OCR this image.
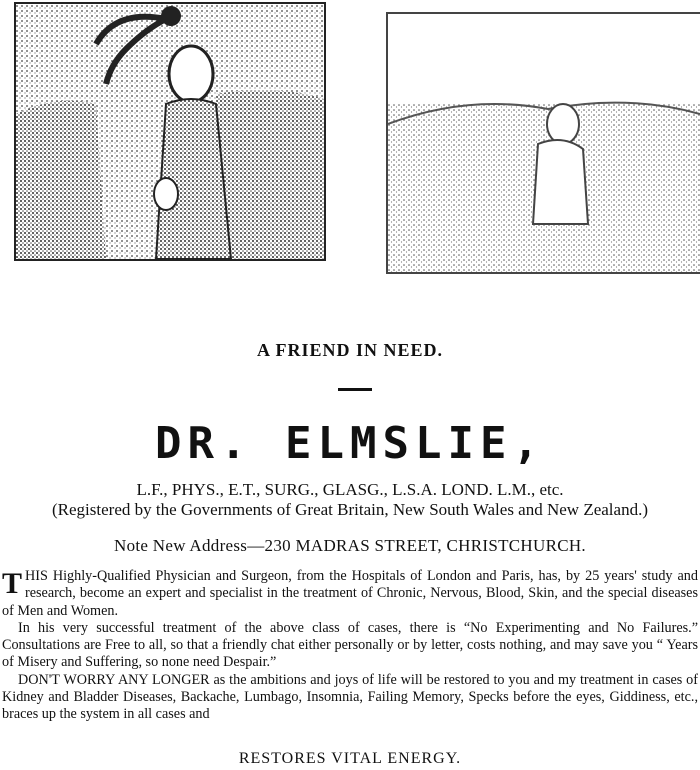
A FRIEND IN NEED.
DR. ELMSLIE,
L.F., PHYS., E.T., SURG., GLASG., L.S.A. LOND. L.M., etc.
(Registered by the Governments of Great Britain, New South Wales and New Zealand.)
Note New Address—230 MADRAS STREET, CHRISTCHURCH.

THIS Highly-Qualified Physician and Surgeon, from the Hospitals of London and Paris, has, by 25 years' study and research, become an expert and specialist in the treatment of Chronic, Nervous, Blood, Skin, and the special diseases of Men and Women.

In his very successful treatment of the above class of cases, there is “No Experimenting and No Failures.” Consultations are Free to all, so that a friendly chat either personally or by letter, costs nothing, and may save you “ Years of Misery and Suffering, so none need Despair.”

DON'T WORRY ANY LONGER as the ambitions and joys of life will be restored to you and my treatment in cases of Kidney and Bladder Diseases, Backache, Lumbago, Insomnia, Failing Memory, Specks before the eyes, Giddiness, etc., braces up the system in all cases and

RESTORES VITAL ENERGY.
